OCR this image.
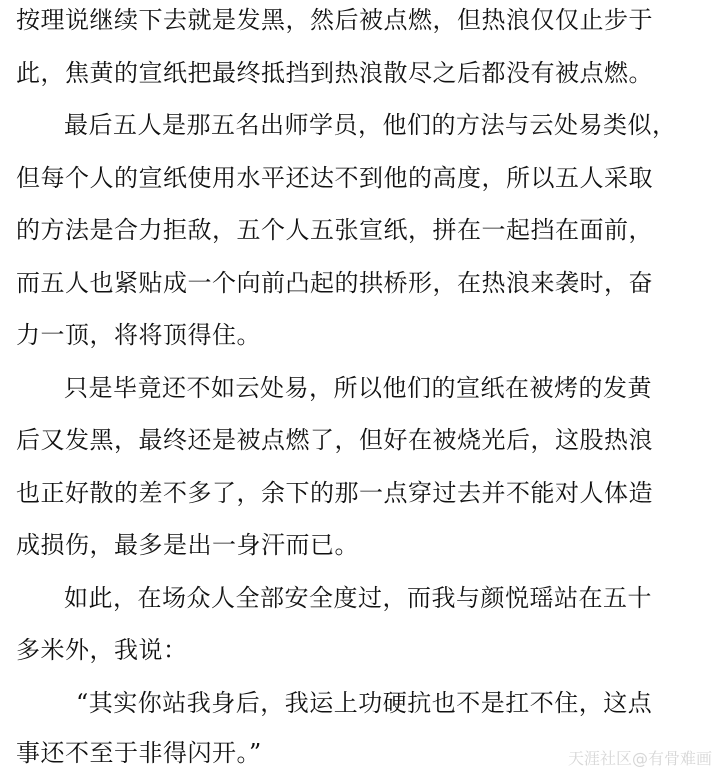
按理说继续下去就是发黑，然后被点燃，但热浪仅仅止步于
此，焦黄的宣纸把最终抵挡到热浪散尽之后都没有被点燃。
最后五人是那五名出师学员，他们的方法与云处易类似，
但每个人的宣纸使用水平还达不到他的高度，所以五人采取
的方法是合力拒敌，五个人五张宣纸，拼在一起挡在面前，
而五人也紧贴成一个向前凸起的拱桥形，在热浪来袭时，奋
力一顶，将将顶得住。
只是毕竟还不如云处易，所以他们的宣纸在被烤的发黄
后又发黑，最终还是被点燃了，但好在被烧光后，这股热浪
也正好散的差不多了，余下的那一点穿过去并不能对人体造
成损伤，最多是出一身汗而已。
如此，在场众人全部安全度过，而我与颜悦瑶站在五十
多米外，我说：
“其实你站我身后，我运上功硬抗也不是扛不住，这点
事还不至于非得闪开。”	天涯社区@有骨难画
